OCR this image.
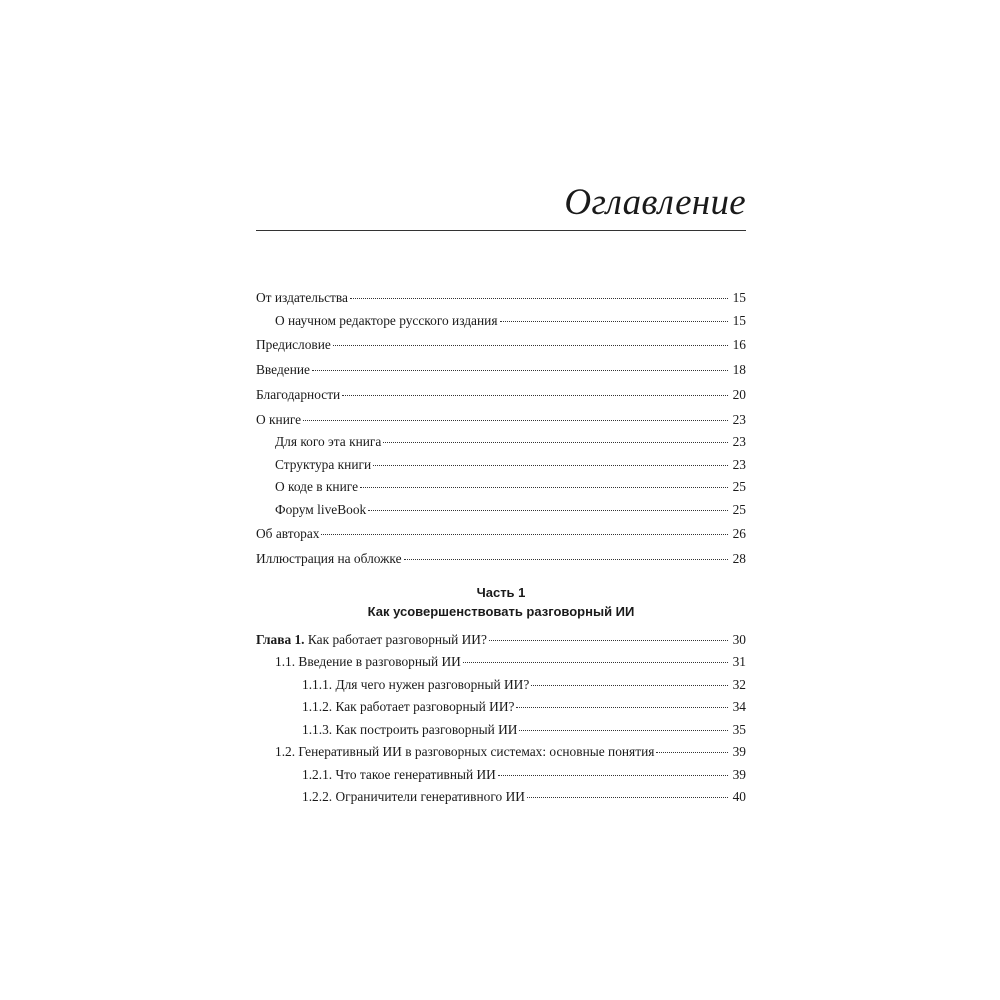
Оглавление
От издательства	15
О научном редакторе русского издания	15
Предисловие	16
Введение	18
Благодарности	20
О книге	23
Для кого эта книга	23
Структура книги	23
О коде в книге	25
Форум liveBook	25
Об авторах	26
Иллюстрация на обложке	28
Часть 1
Как усовершенствовать разговорный ИИ
Глава 1. Как работает разговорный ИИ?	30
1.1. Введение в разговорный ИИ	31
1.1.1. Для чего нужен разговорный ИИ?	32
1.1.2. Как работает разговорный ИИ?	34
1.1.3. Как построить разговорный ИИ	35
1.2. Генеративный ИИ в разговорных системах: основные понятия	39
1.2.1. Что такое генеративный ИИ	39
1.2.2. Ограничители генеративного ИИ	40
